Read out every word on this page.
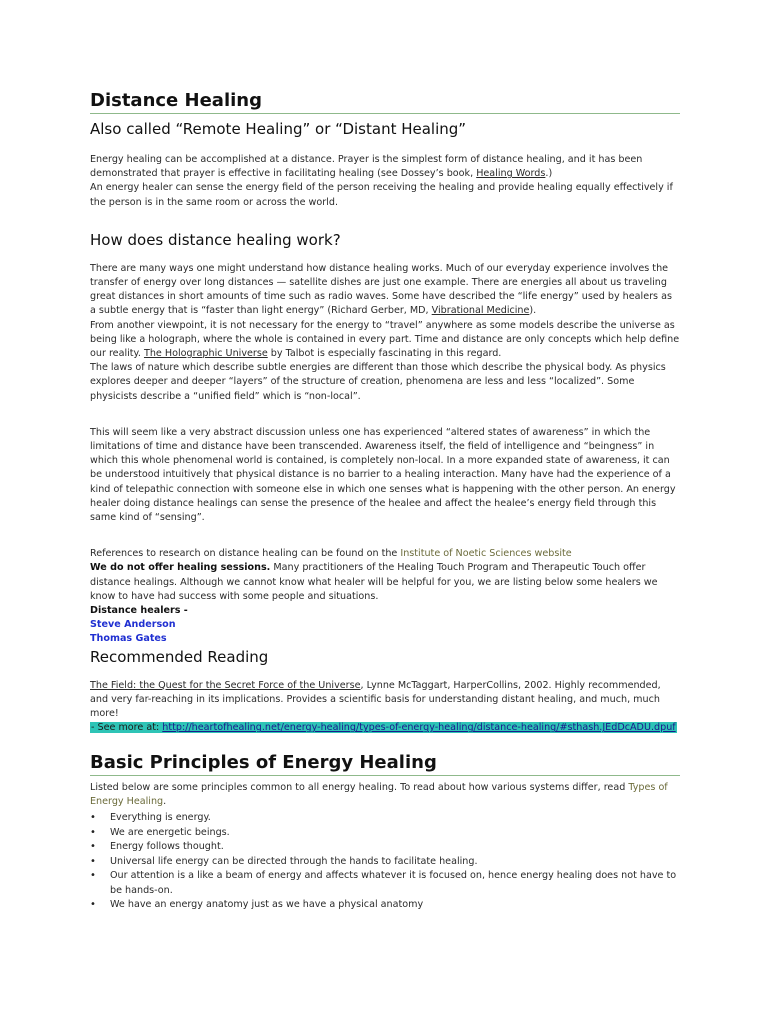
Distance Healing
Also called “Remote Healing” or “Distant Healing”

Energy healing can be accomplished at a distance. Prayer is the simplest form of distance healing, and it has been demonstrated that prayer is effective in facilitating healing (see Dossey’s book, Healing Words.)
An energy healer can sense the energy field of the person receiving the healing and provide healing equally effectively if the person is in the same room or across the world.

How does distance healing work?

There are many ways one might understand how distance healing works. Much of our everyday experience involves the transfer of energy over long distances — satellite dishes are just one example. There are energies all about us traveling great distances in short amounts of time such as radio waves. Some have described the “life energy” used by healers as a subtle energy that is “faster than light energy” (Richard Gerber, MD, Vibrational Medicine).
From another viewpoint, it is not necessary for the energy to “travel” anywhere as some models describe the universe as being like a holograph, where the whole is contained in every part. Time and distance are only concepts which help define our reality. The Holographic Universe by Talbot is especially fascinating in this regard.
The laws of nature which describe subtle energies are different than those which describe the physical body. As physics explores deeper and deeper “layers” of the structure of creation, phenomena are less and less “localized”. Some physicists describe a “unified field” which is “non-local”.

This will seem like a very abstract discussion unless one has experienced “altered states of awareness” in which the limitations of time and distance have been transcended. Awareness itself, the field of intelligence and “beingness” in which this whole phenomenal world is contained, is completely non-local. In a more expanded state of awareness, it can be understood intuitively that physical distance is no barrier to a healing interaction. Many have had the experience of a kind of telepathic connection with someone else in which one senses what is happening with the other person. An energy healer doing distance healings can sense the presence of the healee and affect the healee’s energy field through this same kind of “sensing”.

References to research on distance healing can be found on the Institute of Noetic Sciences website
We do not offer healing sessions. Many practitioners of the Healing Touch Program and Therapeutic Touch offer distance healings. Although we cannot know what healer will be helpful for you, we are listing below some healers we know to have had success with some people and situations.
Distance healers -
Steve Anderson
Thomas Gates

Recommended Reading

The Field: the Quest for the Secret Force of the Universe, Lynne McTaggart, HarperCollins, 2002. Highly recommended, and very far-reaching in its implications. Provides a scientific basis for understanding distant healing, and much, much more!
- See more at: http://heartofhealing.net/energy-healing/types-of-energy-healing/distance-healing/#sthash.JEdDcADU.dpuf

Basic Principles of Energy Healing

Listed below are some principles common to all energy healing. To read about how various systems differ, read Types of Energy Healing.

• Everything is energy.
• We are energetic beings.
• Energy follows thought.
• Universal life energy can be directed through the hands to facilitate healing.
• Our attention is a like a beam of energy and affects whatever it is focused on, hence energy healing does not have to be hands-on.
• We have an energy anatomy just as we have a physical anatomy
